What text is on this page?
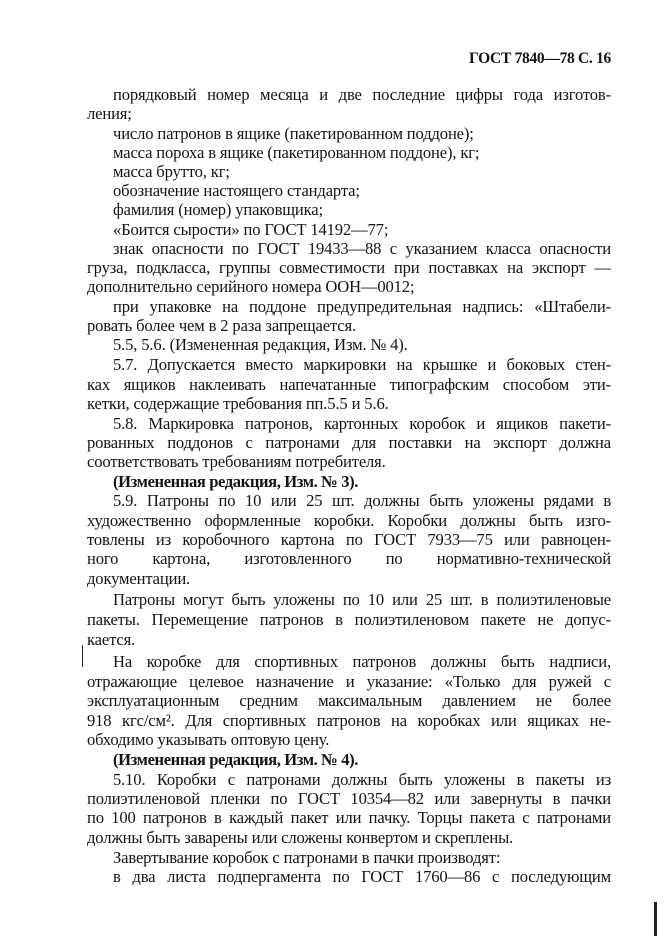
ГОСТ 7840—78 С. 16
порядковый номер месяца и две последние цифры года изготов-
ления;
число патронов в ящике (пакетированном поддоне);
масса пороха в ящике (пакетированном поддоне), кг;
масса брутто, кг;
обозначение настоящего стандарта;
фамилия (номер) упаковщика;
«Боится сырости» по ГОСТ 14192—77;
знак опасности по ГОСТ 19433—88 с указанием класса опасности
груза, подкласса, группы совместимости при поставках на экспорт —
дополнительно серийного номера ООН—0012;
при упаковке на поддоне предупредительная надпись: «Штабели-
ровать более чем в 2 раза запрещается.
5.5, 5.6. (Измененная редакция, Изм. № 4).
5.7. Допускается вместо маркировки на крышке и боковых стен-
ках ящиков наклеивать напечатанные типографским способом эти-
кетки, содержащие требования пп.5.5 и 5.6.
5.8. Маркировка патронов, картонных коробок и ящиков пакети-
рованных поддонов с патронами для поставки на экспорт должна
соответствовать требованиям потребителя.
(Измененная редакция, Изм. № 3).
5.9. Патроны по 10 или 25 шт. должны быть уложены рядами в
художественно оформленные коробки. Коробки должны быть изго-
товлены из коробочного картона по ГОСТ 7933—75 или равноцен-
ного картона, изготовленного по нормативно-технической
документации.
Патроны могут быть уложены по 10 или 25 шт. в полиэтиленовые
пакеты. Перемещение патронов в полиэтиленовом пакете не допус-
кается.
На коробке для спортивных патронов должны быть надписи,
отражающие целевое назначение и указание: «Только для ружей с
эксплуатационным средним максимальным давлением не более
918 кгс/см². Для спортивных патронов на коробках или ящиках не-
обходимо указывать оптовую цену.
(Измененная редакция, Изм. № 4).
5.10. Коробки с патронами должны быть уложены в пакеты из
полиэтиленовой пленки по ГОСТ 10354—82 или завернуты в пачки
по 100 патронов в каждый пакет или пачку. Торцы пакета с патронами
должны быть заварены или сложены конвертом и скреплены.
Завертывание коробок с патронами в пачки производят:
в два листа подпергамента по ГОСТ 1760—86 с последующим
